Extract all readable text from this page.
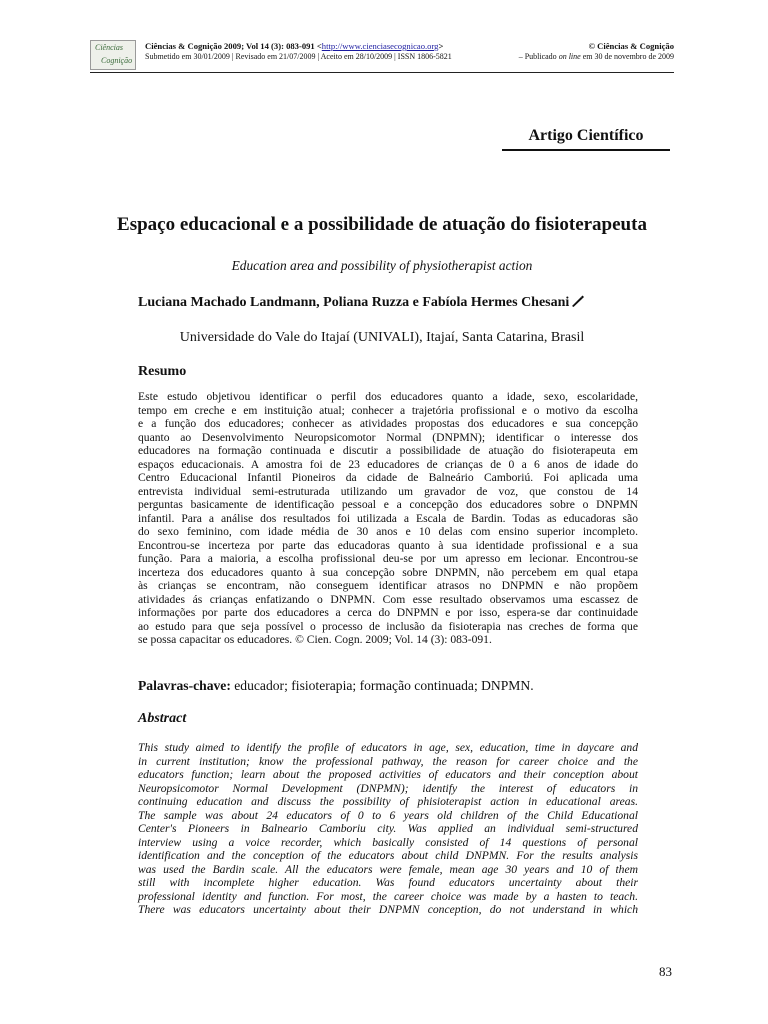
Ciências
Cognição
Ciências & Cognição 2009; Vol 14 (3): 083-091 <http://www.cienciasecognicao.org>	© Ciências & Cognição
Submetido em 30/01/2009 | Revisado em 21/07/2009 | Aceito em 28/10/2009 | ISSN 1806-5821	– Publicado on line em 30 de novembro de 2009
Artigo Científico
Espaço educacional e a possibilidade de atuação do fisioterapeuta
Education area and possibility of physiotherapist action
Luciana Machado Landmann, Poliana Ruzza e Fabíola Hermes Chesani
Universidade do Vale do Itajaí (UNIVALI), Itajaí, Santa Catarina, Brasil
Resumo
Este estudo objetivou identificar o perfil dos educadores quanto a idade, sexo, escolaridade,
tempo em creche e em instituição atual; conhecer a trajetória profissional e o motivo da escolha
e a função dos educadores; conhecer as atividades propostas dos educadores e sua concepção
quanto ao Desenvolvimento Neuropsicomotor Normal (DNPMN); identificar o interesse dos
educadores na formação continuada e discutir a possibilidade de atuação do fisioterapeuta em
espaços educacionais. A amostra foi de 23 educadores de crianças de 0 a 6 anos de idade do
Centro Educacional Infantil Pioneiros da cidade de Balneário Camboriú. Foi aplicada uma
entrevista individual semi-estruturada utilizando um gravador de voz, que constou de 14
perguntas basicamente de identificação pessoal e a concepção dos educadores sobre o DNPMN
infantil. Para a análise dos resultados foi utilizada a Escala de Bardin. Todas as educadoras são
do sexo feminino, com idade média de 30 anos e 10 delas com ensino superior incompleto.
Encontrou-se incerteza por parte das educadoras quanto à sua identidade profissional e a sua
função. Para a maioria, a escolha profissional deu-se por um apresso em lecionar. Encontrou-se
incerteza dos educadores quanto à sua concepção sobre DNPMN, não percebem em qual etapa
às crianças se encontram, não conseguem identificar atrasos no DNPMN e não propõem
atividades ás crianças enfatizando o DNPMN. Com esse resultado observamos uma escassez de
informações por parte dos educadores a cerca do DNPMN e por isso, espera-se dar continuidade
ao estudo para que seja possível o processo de inclusão da fisioterapia nas creches de forma que
se possa capacitar os educadores. © Cien. Cogn. 2009; Vol. 14 (3): 083-091.
Palavras-chave: educador; fisioterapia; formação continuada; DNPMN.
Abstract
This study aimed to identify the profile of educators in age, sex, education, time in daycare and
in current institution; know the professional pathway, the reason for career choice and the
educators function; learn about the proposed activities of educators and their conception about
Neuropsicomotor Normal Development (DNPMN); identify the interest of educators in
continuing education and discuss the possibility of phisioterapist action in educational areas.
The sample was about 24 educators of 0 to 6 years old children of the Child Educational
Center's Pioneers in Balneario Camboriu city. Was applied an individual semi-structured
interview using a voice recorder, which basically consisted of 14 questions of personal
identification and the conception of the educators about child DNPMN. For the results analysis
was used the Bardin scale. All the educators were female, mean age 30 years and 10 of them
still with incomplete higher education. Was found educators uncertainty about their
professional identity and function. For most, the career choice was made by a hasten to teach.
There was educators uncertainty about their DNPMN conception, do not understand in which
83
